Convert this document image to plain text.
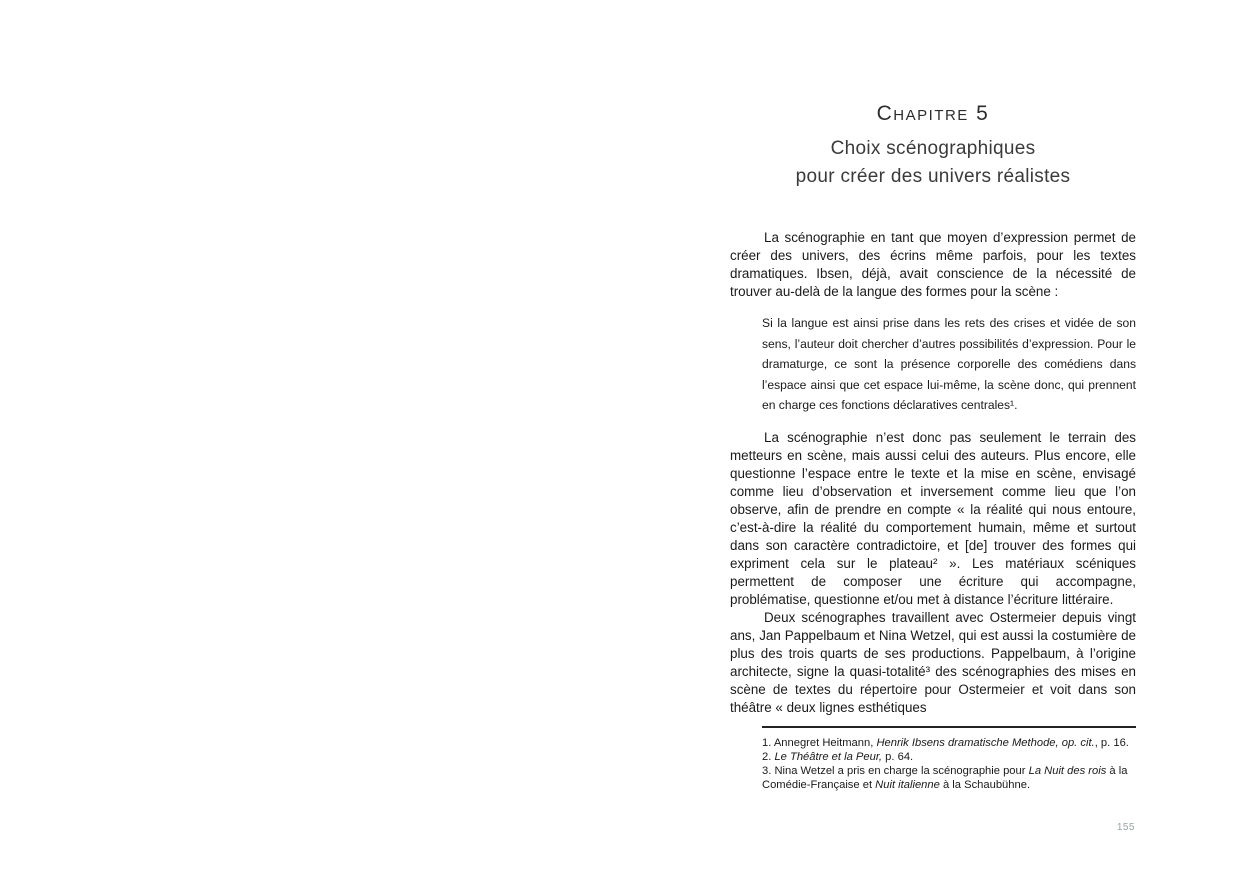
Chapitre 5
Choix scénographiques
pour créer des univers réalistes

La scénographie en tant que moyen d’expression permet de créer des univers, des écrins même parfois, pour les textes dramatiques. Ibsen, déjà, avait conscience de la nécessité de trouver au-delà de la langue des formes pour la scène :

Si la langue est ainsi prise dans les rets des crises et vidée de son sens, l’auteur doit chercher d’autres possibilités d’expression. Pour le dramaturge, ce sont la présence corporelle des comédiens dans l’espace ainsi que cet espace lui-même, la scène donc, qui prennent en charge ces fonctions déclaratives centrales¹.

La scénographie n’est donc pas seulement le terrain des metteurs en scène, mais aussi celui des auteurs. Plus encore, elle questionne l’espace entre le texte et la mise en scène, envisagé comme lieu d’observation et inversement comme lieu que l’on observe, afin de prendre en compte « la réalité qui nous entoure, c’est-à-dire la réalité du comportement humain, même et surtout dans son caractère contradictoire, et [de] trouver des formes qui expriment cela sur le plateau² ». Les matériaux scéniques permettent de composer une écriture qui accompagne, problématise, questionne et/ou met à distance l’écriture littéraire.

Deux scénographes travaillent avec Ostermeier depuis vingt ans, Jan Pappelbaum et Nina Wetzel, qui est aussi la costumière de plus des trois quarts de ses productions. Pappelbaum, à l’origine architecte, signe la quasi-totalité³ des scénographies des mises en scène de textes du répertoire pour Ostermeier et voit dans son théâtre « deux lignes esthétiques

1. Annegret Heitmann, Henrik Ibsens dramatische Methode, op. cit., p. 16.

2. Le Théâtre et la Peur, p. 64.

3. Nina Wetzel a pris en charge la scénographie pour La Nuit des rois à la Comédie-Française et Nuit italienne à la Schaubühne.

155
